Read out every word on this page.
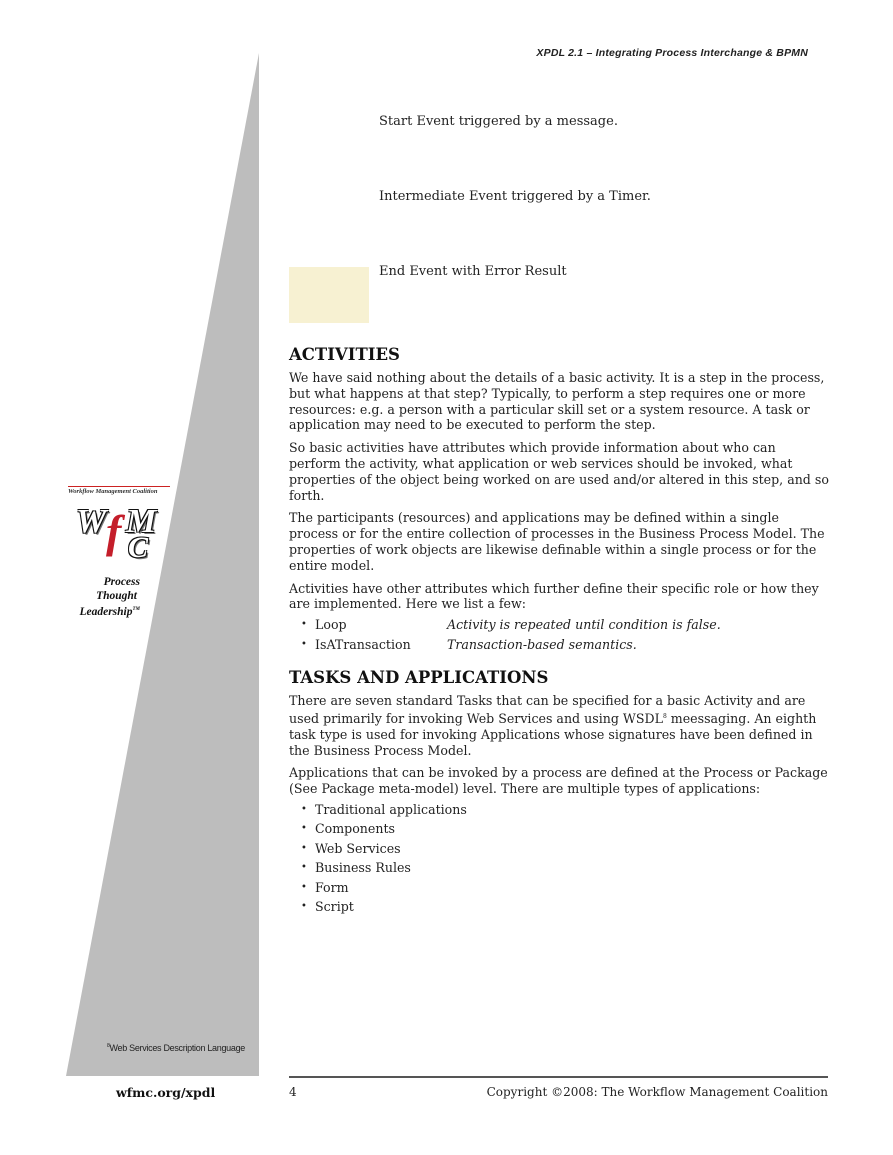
XPDL 2.1 – Integrating Process Interchange & BPMN
Workflow Management Coalition
W M
C
f
Process
Thought
Leadership™
$^8$Web Services Description Language
Start Event triggered by a message.
Intermediate Event triggered by a Timer.
End Event with Error Result
ACTIVITIES

We have said nothing about the details of a basic activity. It is a step in the process, but what happens at that step? Typically, to perform a step requires one or more resources: e.g. a person with a particular skill set or a system resource. A task or application may need to be executed to perform the step.

So basic activities have attributes which provide information about who can perform the activity, what application or web services should be invoked, what properties of the object being worked on are used and/or altered in this step, and so forth.

The participants (resources) and applications may be defined within a single process or for the entire collection of processes in the Business Process Model. The properties of work objects are likewise definable within a single process or for the entire model.

Activities have other attributes which further define their specific role or how they are implemented. Here we list a few:

• Loop	Activity is repeated until condition is false.
• IsATransaction	Transaction-based semantics.
TASKS AND APPLICATIONS

There are seven standard Tasks that can be specified for a basic Activity and are used primarily for invoking Web Services and using WSDL$^8$ meessaging. An eighth task type is used for invoking Applications whose signatures have been defined in the Business Process Model.

Applications that can be invoked by a process are defined at the Process or Package (See Package meta-model) level. There are multiple types of applications:

• Traditional applications
• Components
• Web Services
• Business Rules
• Form
• Script
wfmc.org/xpdl	4	Copyright ©2008: The Workflow Management Coalition
